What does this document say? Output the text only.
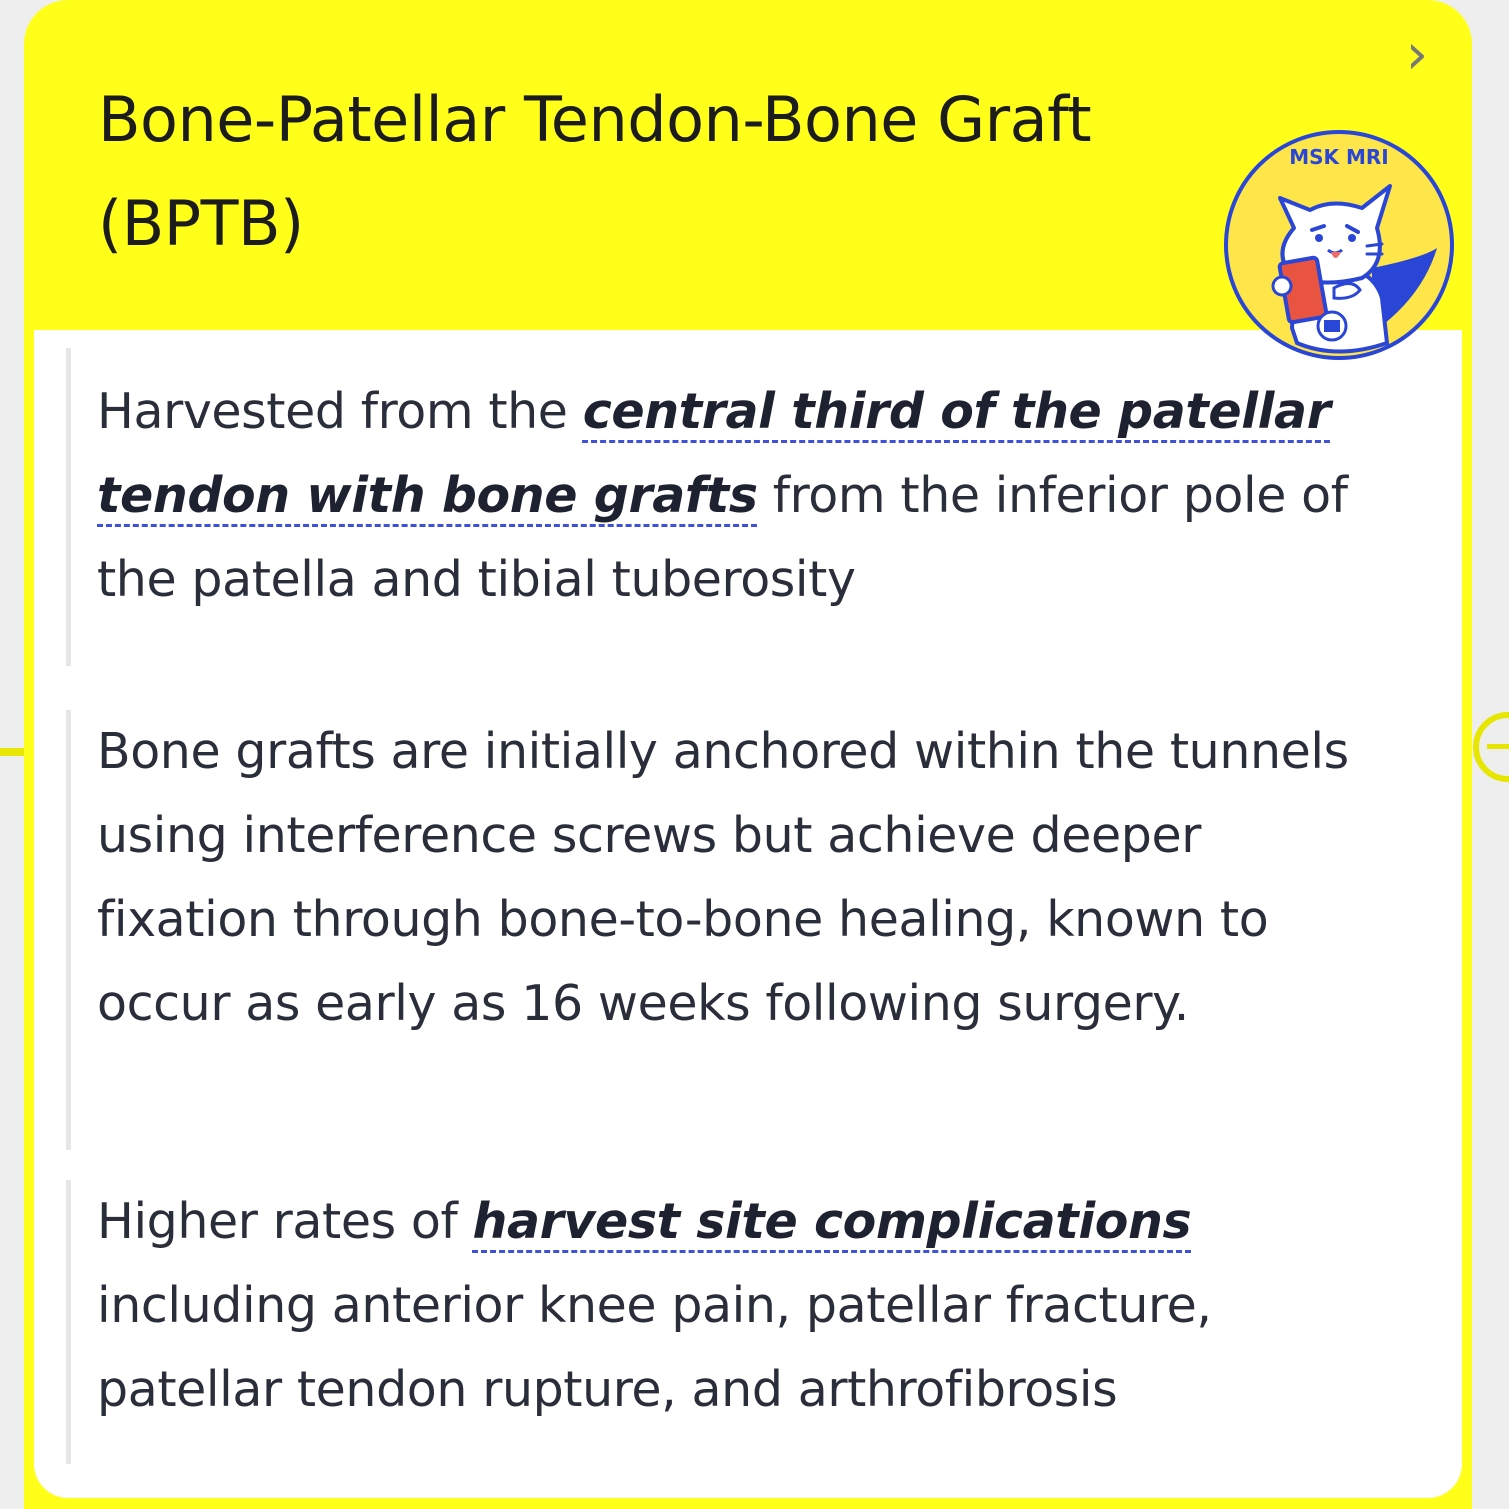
Bone-Patellar Tendon-Bone Graft (BPTB)
›

Harvested from the central third of the patellar tendon with bone grafts from the inferior pole of the patella and tibial tuberosity

Bone grafts are initially anchored within the tunnels using interference screws but achieve deeper fixation through bone-to-bone healing, known to occur as early as 16 weeks following surgery.

Higher rates of harvest site complications including anterior knee pain, patellar fracture, patellar tendon rupture, and arthrofibrosis

MSK MRI
